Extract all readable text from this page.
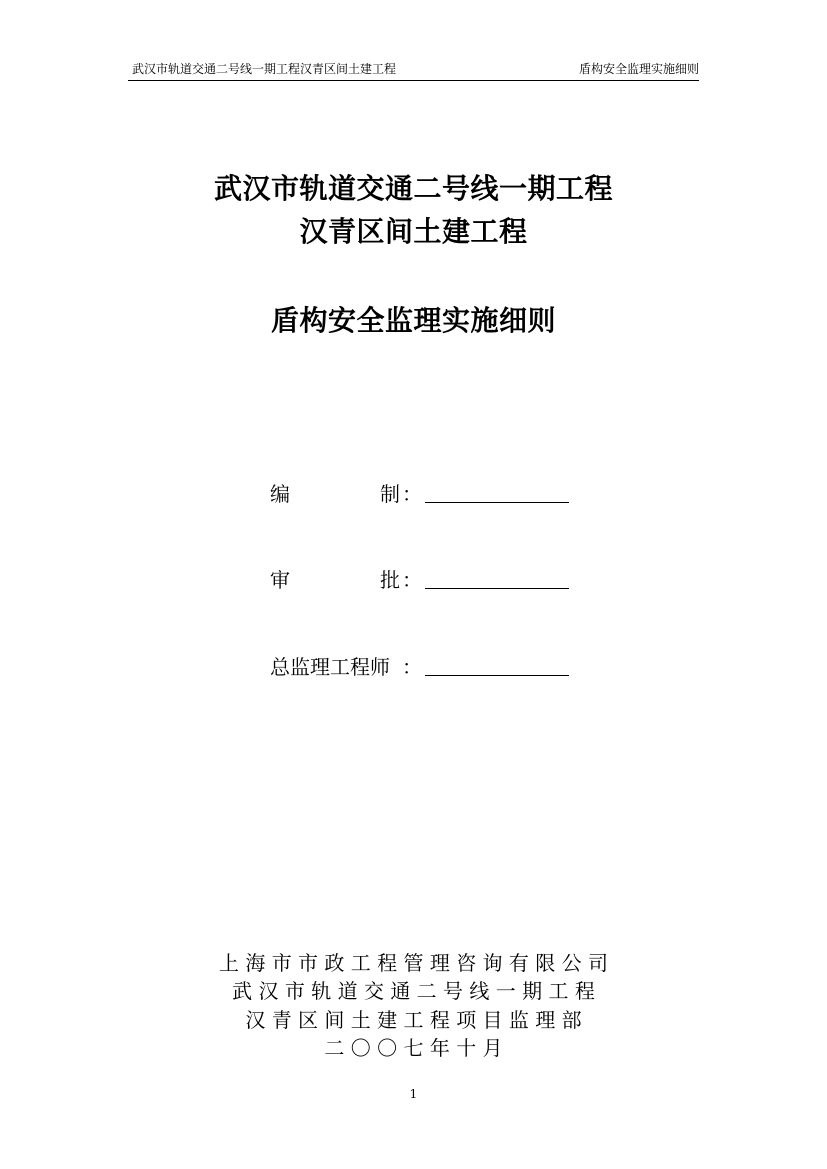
武汉市轨道交通二号线一期工程汉青区间土建工程	盾构安全监理实施细则
武汉市轨道交通二号线一期工程
汉青区间土建工程
盾构安全监理实施细则
编	制 ：
审	批 ：
总监理工程师 ：
上 海 市 市 政 工 程 管 理 咨 询 有 限 公 司
武 汉 市 轨 道 交 通 二 号 线 一 期 工 程
汉 青 区 间 土 建 工 程 项 目 监 理 部
二 〇 〇 七 年 十 月
1
